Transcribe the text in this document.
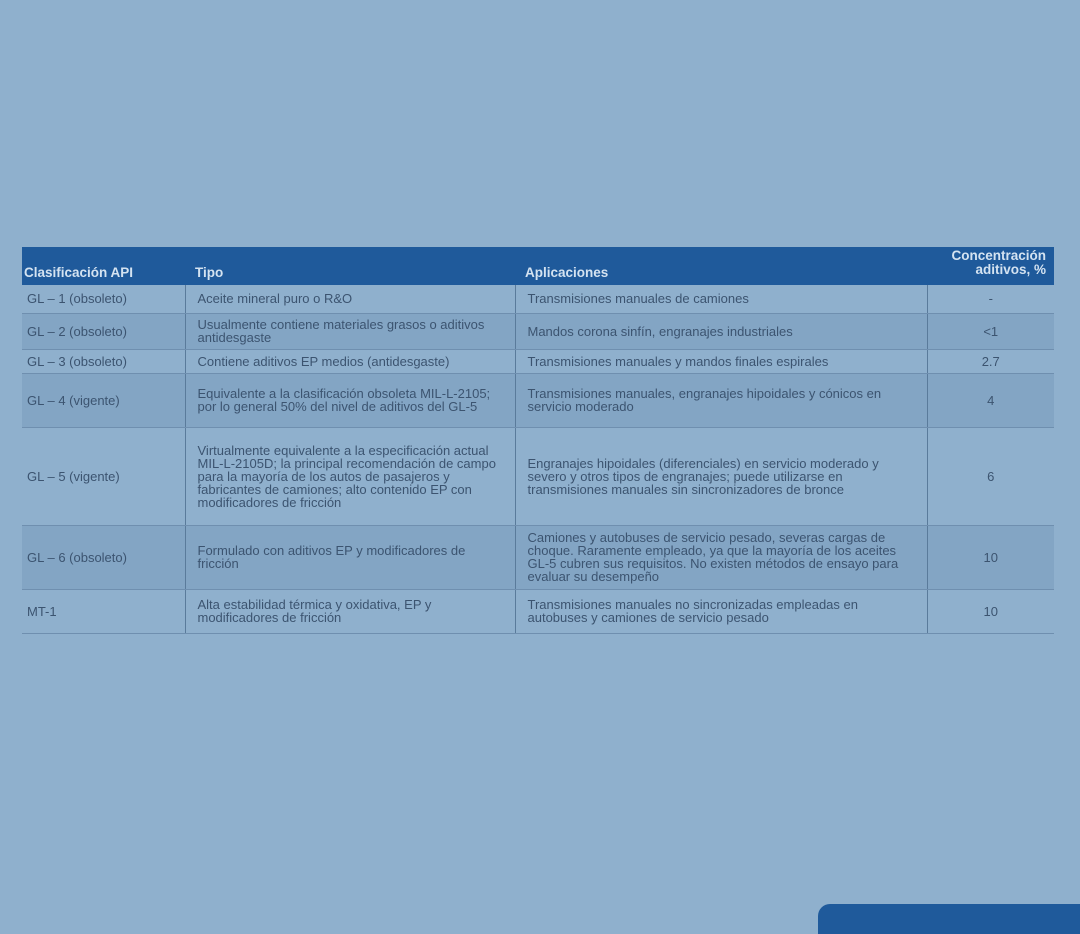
Clasificación API	Tipo	Aplicaciones	Concentración aditivos, %
GL – 1 (obsoleto)	Aceite mineral puro o R&O	Transmisiones manuales de camiones	-
GL – 2 (obsoleto)	Usualmente contiene materiales grasos o aditivos antidesgaste	Mandos corona sinfín, engranajes industriales	<1
GL – 3 (obsoleto)	Contiene aditivos EP medios (antidesgaste)	Transmisiones manuales y mandos finales espirales	2.7
GL – 4 (vigente)	Equivalente a la clasificación obsoleta MIL-L-2105; por lo general 50% del nivel de aditivos del GL-5	Transmisiones manuales, engranajes hipoidales y cónicos en servicio moderado	4
GL – 5 (vigente)	Virtualmente equivalente a la especificación actual MIL-L-2105D; la principal recomendación de campo para la mayoría de los autos de pasajeros y fabricantes de camiones; alto contenido EP con modificadores de fricción	Engranajes hipoidales (diferenciales) en servicio moderado y severo y otros tipos de engranajes; puede utilizarse en transmisiones manuales sin sincronizadores de bronce	6
GL – 6 (obsoleto)	Formulado con aditivos EP y modificadores de fricción	Camiones y autobuses de servicio pesado, severas cargas de choque. Raramente empleado, ya que la mayoría de los aceites GL-5 cubren sus requisitos. No existen métodos de ensayo para evaluar su desempeño	10
MT-1	Alta estabilidad térmica y oxidativa, EP y modificadores de fricción	Transmisiones manuales no sincronizadas empleadas en autobuses y camiones de servicio pesado	10
